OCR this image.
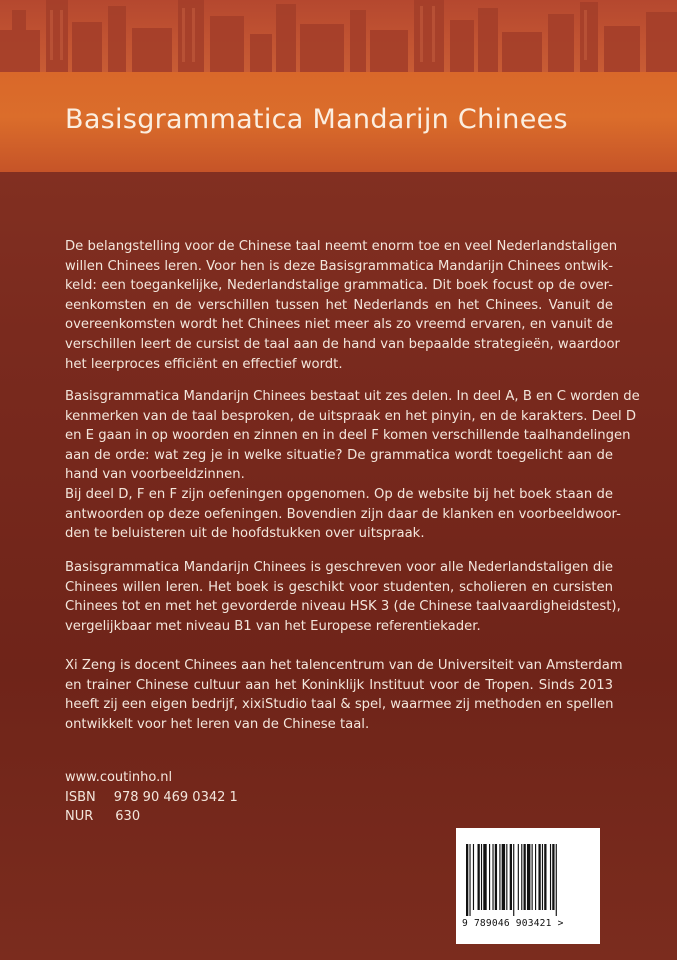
Basisgrammatica Mandarijn Chinees

De belangstelling voor de Chinese taal neemt enorm toe en veel Nederlandstaligen
willen Chinees leren. Voor hen is deze Basisgrammatica Mandarijn Chinees ontwik-
keld: een toegankelijke, Nederlandstalige grammatica. Dit boek focust op de over-
eenkomsten en de verschillen tussen het Nederlands en het Chinees. Vanuit de
overeenkomsten wordt het Chinees niet meer als zo vreemd ervaren, en vanuit de
verschillen leert de cursist de taal aan de hand van bepaalde strategieën, waardoor
het leerproces efficiënt en effectief wordt.

Basisgrammatica Mandarijn Chinees bestaat uit zes delen. In deel A, B en C worden de
kenmerken van de taal besproken, de uitspraak en het pinyin, en de karakters. Deel D
en E gaan in op woorden en zinnen en in deel F komen verschillende taalhandelingen
aan de orde: wat zeg je in welke situatie? De grammatica wordt toegelicht aan de
hand van voorbeeldzinnen.
Bij deel D, F en F zijn oefeningen opgenomen. Op de website bij het boek staan de
antwoorden op deze oefeningen. Bovendien zijn daar de klanken en voorbeeldwoor-
den te beluisteren uit de hoofdstukken over uitspraak.

Basisgrammatica Mandarijn Chinees is geschreven voor alle Nederlandstaligen die
Chinees willen leren. Het boek is geschikt voor studenten, scholieren en cursisten
Chinees tot en met het gevorderde niveau HSK 3 (de Chinese taalvaardigheidstest),
vergelijkbaar met niveau B1 van het Europese referentiekader.

Xi Zeng is docent Chinees aan het talencentrum van de Universiteit van Amsterdam
en trainer Chinese cultuur aan het Koninklijk Instituut voor de Tropen. Sinds 2013
heeft zij een eigen bedrijf, xixiStudio taal & spel, waarmee zij methoden en spellen
ontwikkelt voor het leren van de Chinese taal.

www.coutinho.nl
ISBN 978 90 469 0342 1
NUR 630
9 789046 903421 >
